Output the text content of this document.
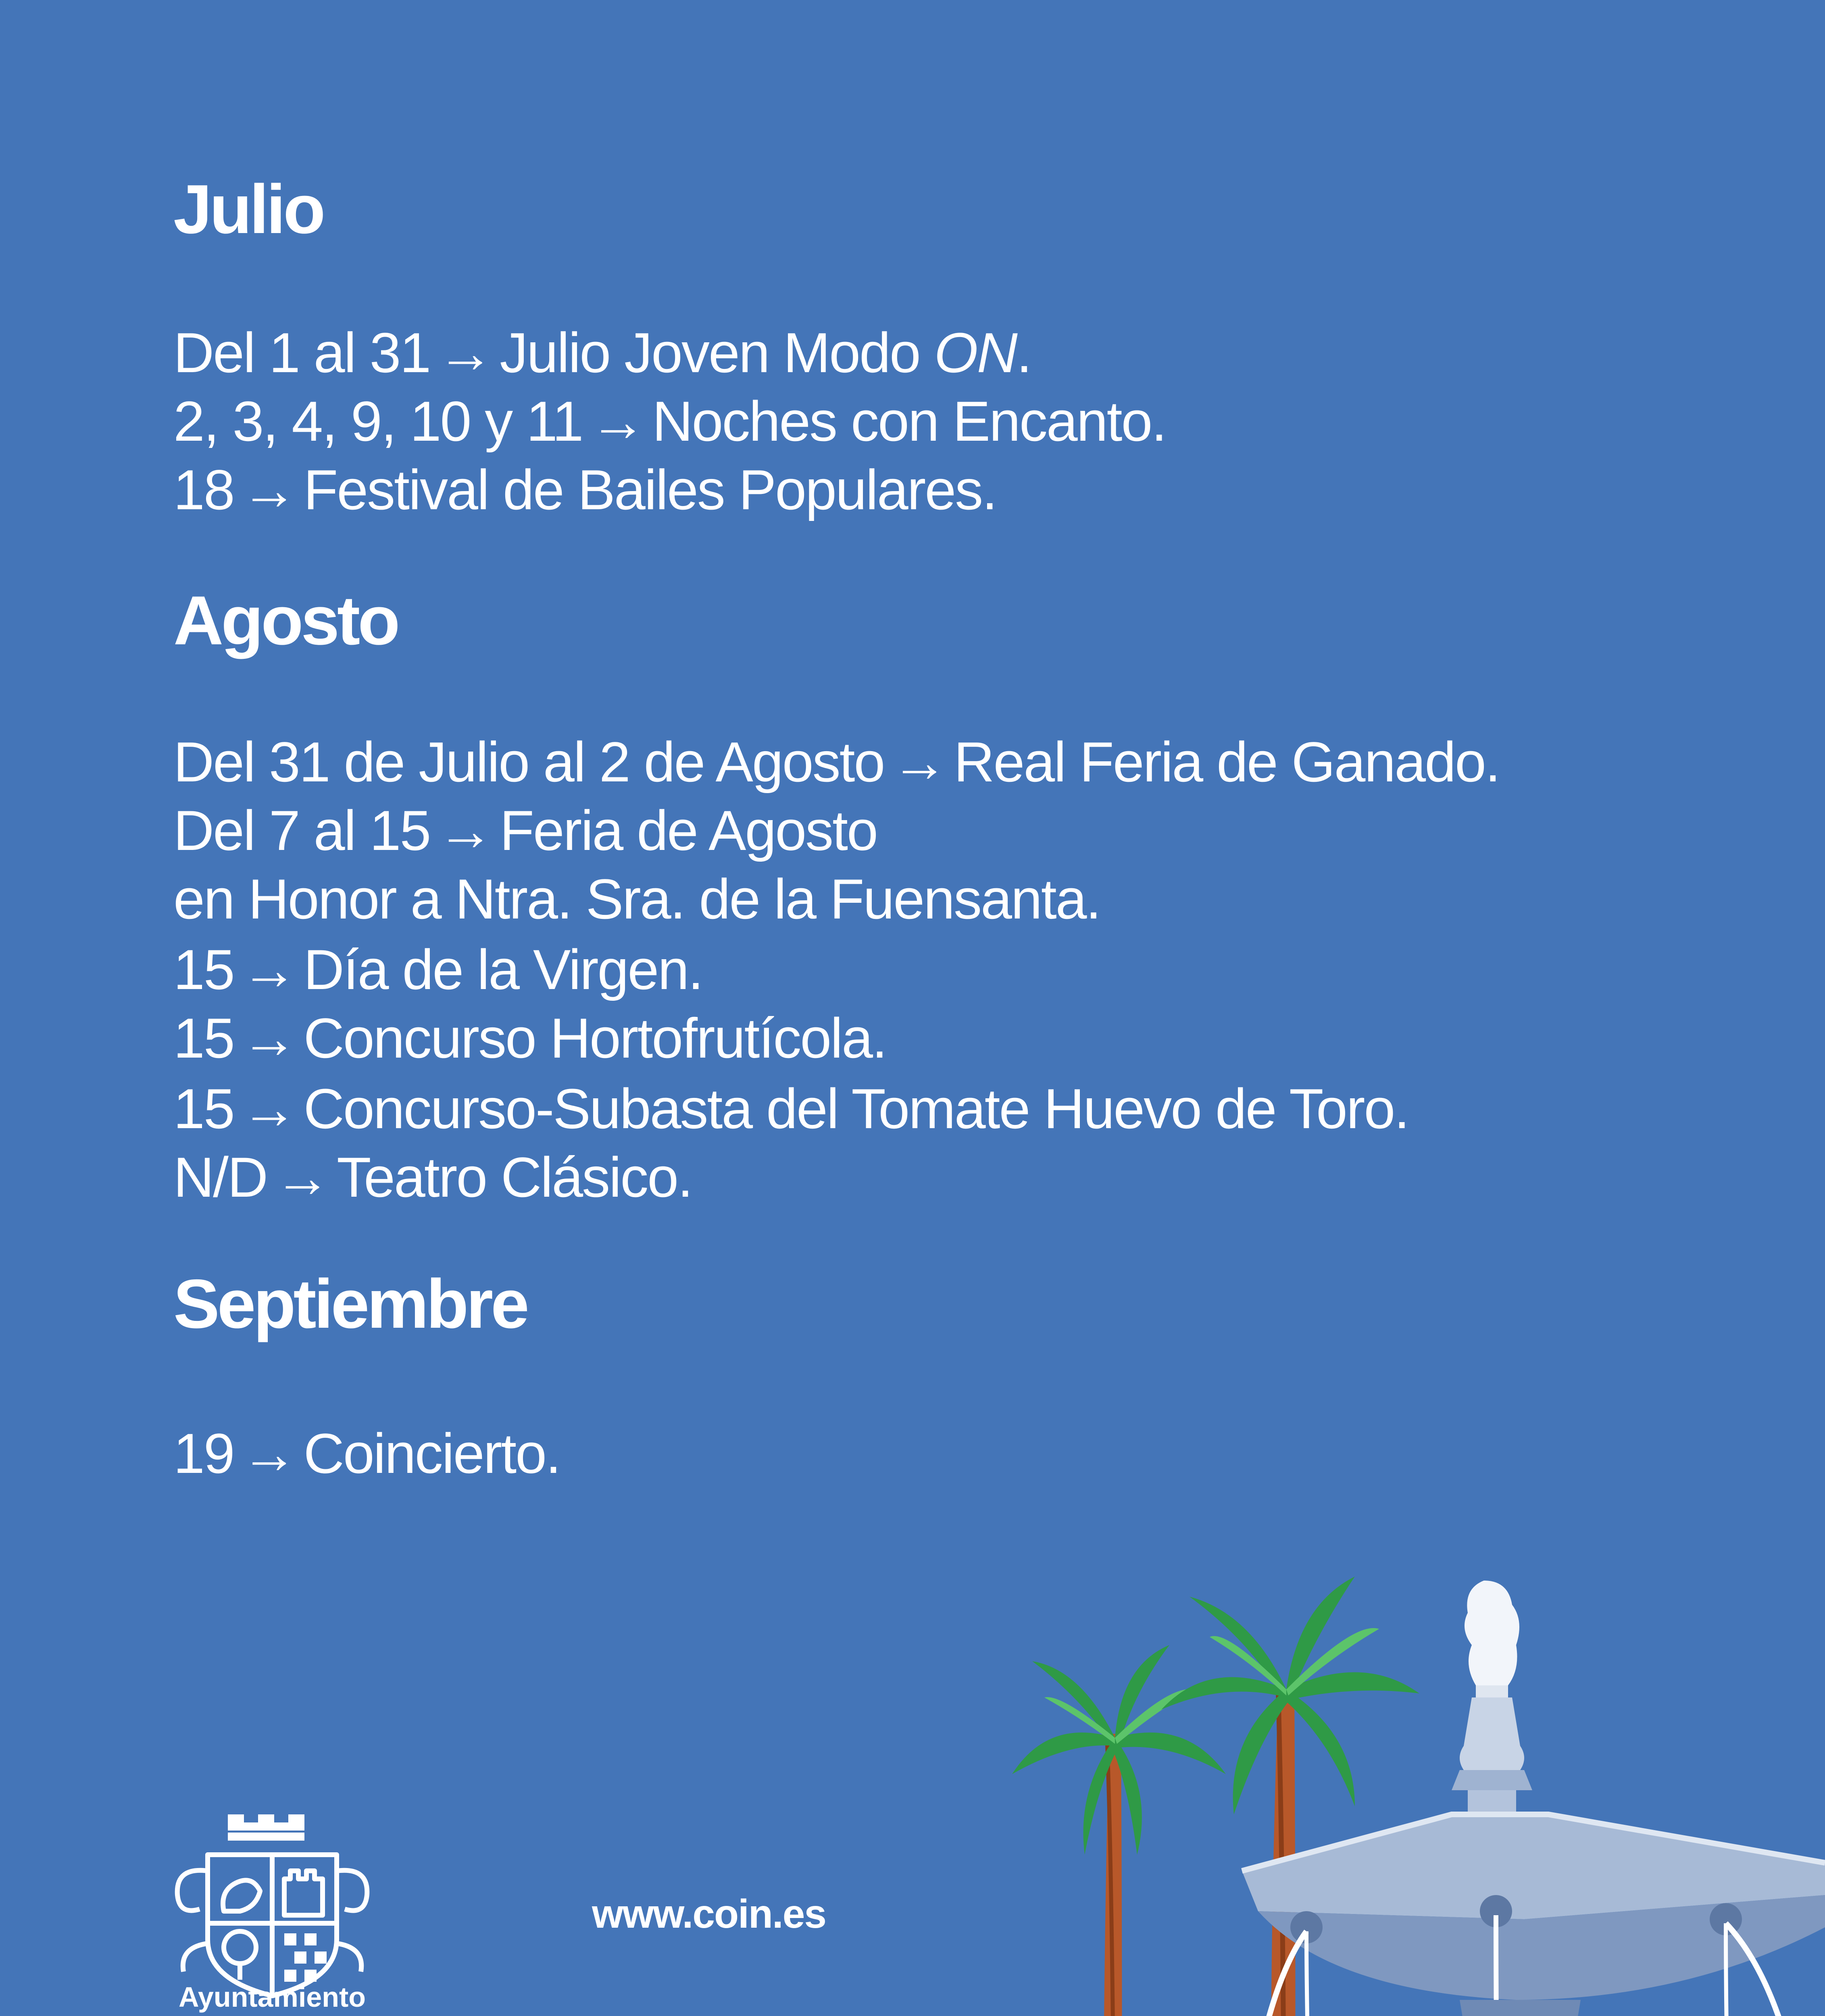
Julio
Del 1 al 31 → Julio Joven Modo ON.
2, 3, 4, 9, 10 y 11 → Noches con Encanto.
18 → Festival de Bailes Populares.
Agosto
Del 31 de Julio al 2 de Agosto → Real Feria de Ganado.
Del 7 al 15 → Feria de Agosto
en Honor a Ntra. Sra. de la Fuensanta.
15 → Día de la Virgen.
15 → Concurso Hortofrutícola.
15 → Concurso-Subasta del Tomate Huevo de Toro.
N/D → Teatro Clásico.
Septiembre
19 → Coincierto.
Ayuntamiento
www.coin.es
